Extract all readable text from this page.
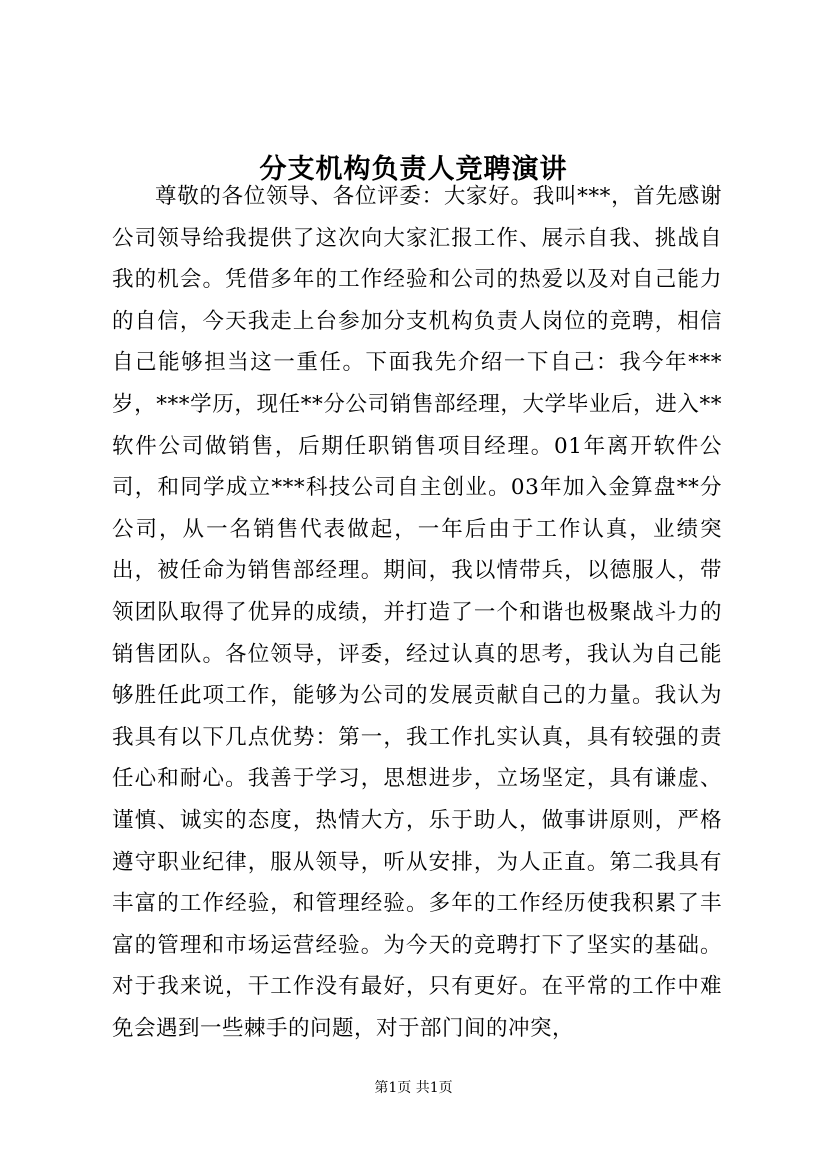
分支机构负责人竞聘演讲

尊敬的各位领导、各位评委：大家好。我叫***，首先感谢公司领导给我提供了这次向大家汇报工作、展示自我、挑战自我的机会。凭借多年的工作经验和公司的热爱以及对自己能力的自信，今天我走上台参加分支机构负责人岗位的竞聘，相信自己能够担当这一重任。下面我先介绍一下自己：我今年***岁，***学历，现任**分公司销售部经理，大学毕业后，进入**软件公司做销售，后期任职销售项目经理。01年离开软件公司，和同学成立***科技公司自主创业。03年加入金算盘**分公司，从一名销售代表做起，一年后由于工作认真，业绩突出，被任命为销售部经理。期间，我以情带兵，以德服人，带领团队取得了优异的成绩，并打造了一个和谐也极聚战斗力的销售团队。各位领导，评委，经过认真的思考，我认为自己能够胜任此项工作，能够为公司的发展贡献自己的力量。我认为我具有以下几点优势：第一，我工作扎实认真，具有较强的责任心和耐心。我善于学习，思想进步，立场坚定，具有谦虚、谨慎、诚实的态度，热情大方，乐于助人，做事讲原则，严格遵守职业纪律，服从领导，听从安排，为人正直。第二我具有丰富的工作经验，和管理经验。多年的工作经历使我积累了丰富的管理和市场运营经验。为今天的竞聘打下了坚实的基础。对于我来说，干工作没有最好，只有更好。在平常的工作中难免会遇到一些棘手的问题，对于部门间的冲突，

第1页 共1页
